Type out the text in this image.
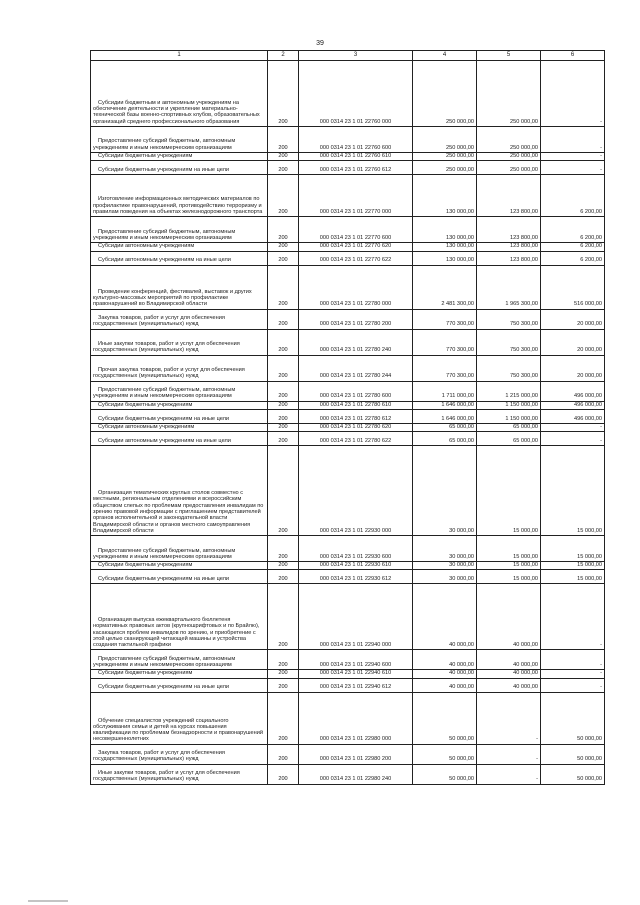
39
1	2	3	4	5	6
Субсидии бюджетным и автономным учреждениям на обеспечение деятельности и укрепление материально-технической базы военно-спортивных клубов, образовательных организаций среднего профессионального образования	200	000 0314 23 1 01 22760 000	250 000,00	250 000,00	-
Предоставление субсидий бюджетным, автономным учреждениям и иным некоммерческим организациям	200	000 0314 23 1 01 22760 600	250 000,00	250 000,00	-
Субсидии бюджетным учреждениям	200	000 0314 23 1 01 22760 610	250 000,00	250 000,00	-
Субсидии бюджетным учреждениям на иные цели	200	000 0314 23 1 01 22760 612	250 000,00	250 000,00	-
Изготовление информационных методических материалов по профилактике правонарушений, противодействию терроризму и правилам поведения на объектах железнодорожного транспорта	200	000 0314 23 1 01 22770 000	130 000,00	123 800,00	6 200,00
Предоставление субсидий бюджетным, автономным учреждениям и иным некоммерческим организациям	200	000 0314 23 1 01 22770 600	130 000,00	123 800,00	6 200,00
Субсидии автономным учреждениям	200	000 0314 23 1 01 22770 620	130 000,00	123 800,00	6 200,00
Субсидии автономным учреждениям на иные цели	200	000 0314 23 1 01 22770 622	130 000,00	123 800,00	6 200,00
Проведение конференций, фестивалей, выставок и других культурно-массовых мероприятий по профилактике правонарушений во Владимирской области	200	000 0314 23 1 01 22780 000	2 481 300,00	1 965 300,00	516 000,00
Закупка товаров, работ и услуг для обеспечения государственных (муниципальных) нужд	200	000 0314 23 1 01 22780 200	770 300,00	750 300,00	20 000,00
Иные закупки товаров, работ и услуг для обеспечения государственных (муниципальных) нужд	200	000 0314 23 1 01 22780 240	770 300,00	750 300,00	20 000,00
Прочая закупка товаров, работ и услуг для обеспечения государственных (муниципальных) нужд	200	000 0314 23 1 01 22780 244	770 300,00	750 300,00	20 000,00
Предоставление субсидий бюджетным, автономным учреждениям и иным некоммерческим организациям	200	000 0314 23 1 01 22780 600	1 711 000,00	1 215 000,00	496 000,00
Субсидии бюджетным учреждениям	200	000 0314 23 1 01 22780 610	1 646 000,00	1 150 000,00	496 000,00
Субсидии бюджетным учреждениям на иные цели	200	000 0314 23 1 01 22780 612	1 646 000,00	1 150 000,00	496 000,00
Субсидии автономным учреждениям	200	000 0314 23 1 01 22780 620	65 000,00	65 000,00	-
Субсидии автономным учреждениям на иные цели	200	000 0314 23 1 01 22780 622	65 000,00	65 000,00	-
Организация тематических круглых столов совместно с местными, региональным отделениями и всероссийским обществом слепых по проблемам предоставления инвалидам по зрению правовой информации с приглашением представителей органов исполнительной и законодательной власти Владимирской области и органов местного самоуправления Владимирской области	200	000 0314 23 1 01 22930 000	30 000,00	15 000,00	15 000,00
Предоставление субсидий бюджетным, автономным учреждениям и иным некоммерческим организациям	200	000 0314 23 1 01 22930 600	30 000,00	15 000,00	15 000,00
Субсидии бюджетным учреждениям	200	000 0314 23 1 01 22930 610	30 000,00	15 000,00	15 000,00
Субсидии бюджетным учреждениям на иные цели	200	000 0314 23 1 01 22930 612	30 000,00	15 000,00	15 000,00
Организация выпуска ежеквартального бюллетеня нормативных правовых актов (крупношрифтовых и по Брайлю), касающихся проблем инвалидов по зрению, и приобретение с этой целью сканирующей читающей машины и устройства создания тактильной графики	200	000 0314 23 1 01 22940 000	40 000,00	40 000,00	-
Предоставление субсидий бюджетным, автономным учреждениям и иным некоммерческим организациям	200	000 0314 23 1 01 22940 600	40 000,00	40 000,00	-
Субсидии бюджетным учреждениям	200	000 0314 23 1 01 22940 610	40 000,00	40 000,00	-
Субсидии бюджетным учреждениям на иные цели	200	000 0314 23 1 01 22940 612	40 000,00	40 000,00	-
Обучение специалистов учреждений социального обслуживания семьи и детей на курсах повышения квалификации по проблемам безнадзорности и правонарушений несовершеннолетних	200	000 0314 23 1 01 22980 000	50 000,00	-	50 000,00
Закупка товаров, работ и услуг для обеспечения государственных (муниципальных) нужд	200	000 0314 23 1 01 22980 200	50 000,00	-	50 000,00
Иные закупки товаров, работ и услуг для обеспечения государственных (муниципальных) нужд	200	000 0314 23 1 01 22980 240	50 000,00	-	50 000,00
